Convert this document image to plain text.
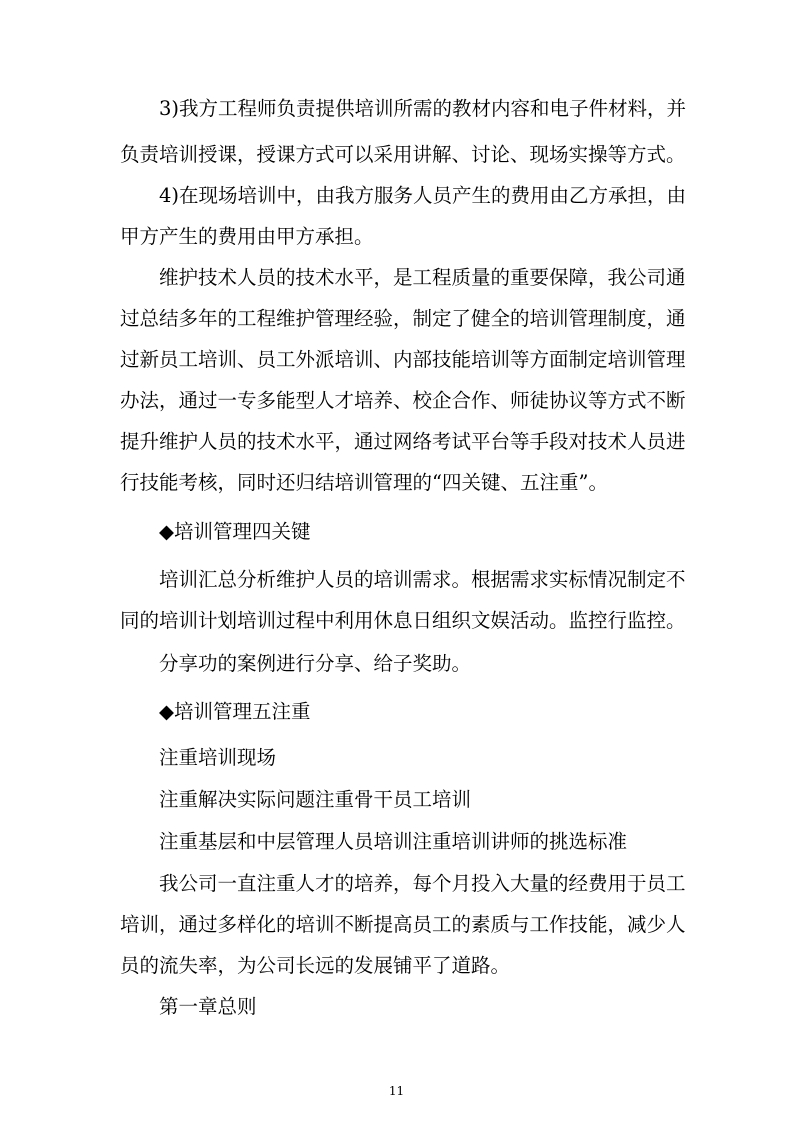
3)我方工程师负责提供培训所需的教材内容和电子件材料，并
负责培训授课，授课方式可以采用讲解、讨论、现场实操等方式。
4)在现场培训中，由我方服务人员产生的费用由乙方承担，由
甲方产生的费用由甲方承担。
维护技术人员的技术水平，是工程质量的重要保障，我公司通
过总结多年的工程维护管理经验，制定了健全的培训管理制度，通
过新员工培训、员工外派培训、内部技能培训等方面制定培训管理
办法，通过一专多能型人才培养、校企合作、师徒协议等方式不断
提升维护人员的技术水平，通过网络考试平台等手段对技术人员进
行技能考核，同时还归结培训管理的“四关键、五注重”。
◆培训管理四关键
培训汇总分析维护人员的培训需求。根据需求实标情况制定不
同的培训计划培训过程中利用休息日组织文娱活动。监控行监控。
分享功的案例进行分享、给子奖助。
◆培训管理五注重
注重培训现场
注重解决实际问题注重骨干员工培训
注重基层和中层管理人员培训注重培训讲师的挑选标准
我公司一直注重人才的培养，每个月投入大量的经费用于员工
培训，通过多样化的培训不断提高员工的素质与工作技能，减少人
员的流失率，为公司长远的发展铺平了道路。
第一章总则
11
